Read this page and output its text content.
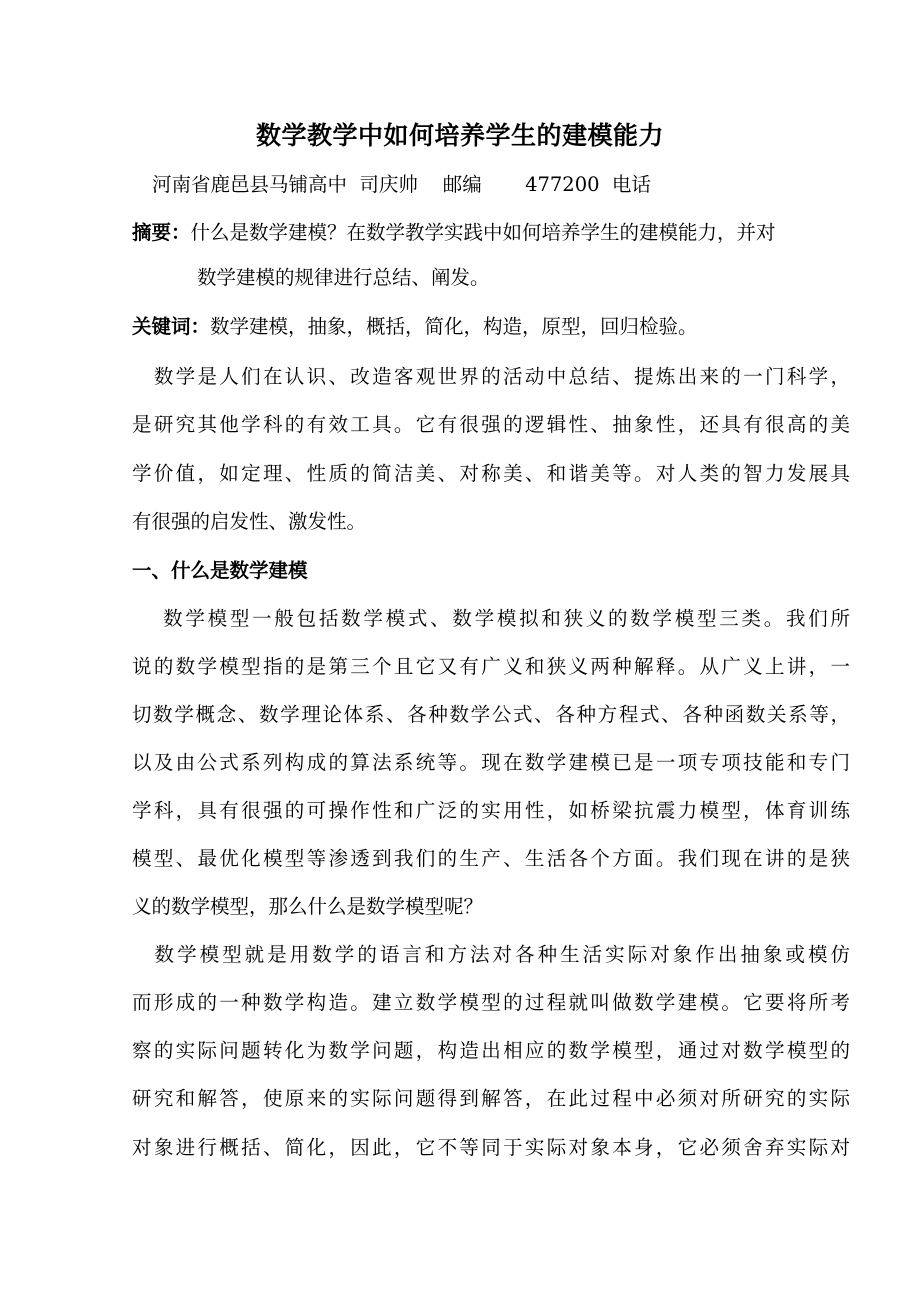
数学教学中如何培养学生的建模能力
河南省鹿邑县马铺高中  司庆帅    邮编       477200  电话
摘要：什么是数学建模？在数学教学实践中如何培养学生的建模能力，并对
数学建模的规律进行总结、阐发。
关键词：数学建模，抽象，概括，简化，构造，原型，回归检验。
　数学是人们在认识、改造客观世界的活动中总结、提炼出来的一门科学，
是研究其他学科的有效工具。它有很强的逻辑性、抽象性，还具有很高的美
学价值，如定理、性质的简洁美、对称美、和谐美等。对人类的智力发展具
有很强的启发性、激发性。
一、什么是数学建模
　 数学模型一般包括数学模式、数学模拟和狭义的数学模型三类。我们所
说的数学模型指的是第三个且它又有广义和狭义两种解释。从广义上讲，一
切数学概念、数学理论体系、各种数学公式、各种方程式、各种函数关系等，
以及由公式系列构成的算法系统等。现在数学建模已是一项专项技能和专门
学科，具有很强的可操作性和广泛的实用性，如桥梁抗震力模型，体育训练
模型、最优化模型等渗透到我们的生产、生活各个方面。我们现在讲的是狭
义的数学模型，那么什么是数学模型呢？
　数学模型就是用数学的语言和方法对各种生活实际对象作出抽象或模仿
而形成的一种数学构造。建立数学模型的过程就叫做数学建模。它要将所考
察的实际问题转化为数学问题，构造出相应的数学模型，通过对数学模型的
研究和解答，使原来的实际问题得到解答，在此过程中必须对所研究的实际
对象进行概括、简化，因此，它不等同于实际对象本身，它必须舍弃实际对
